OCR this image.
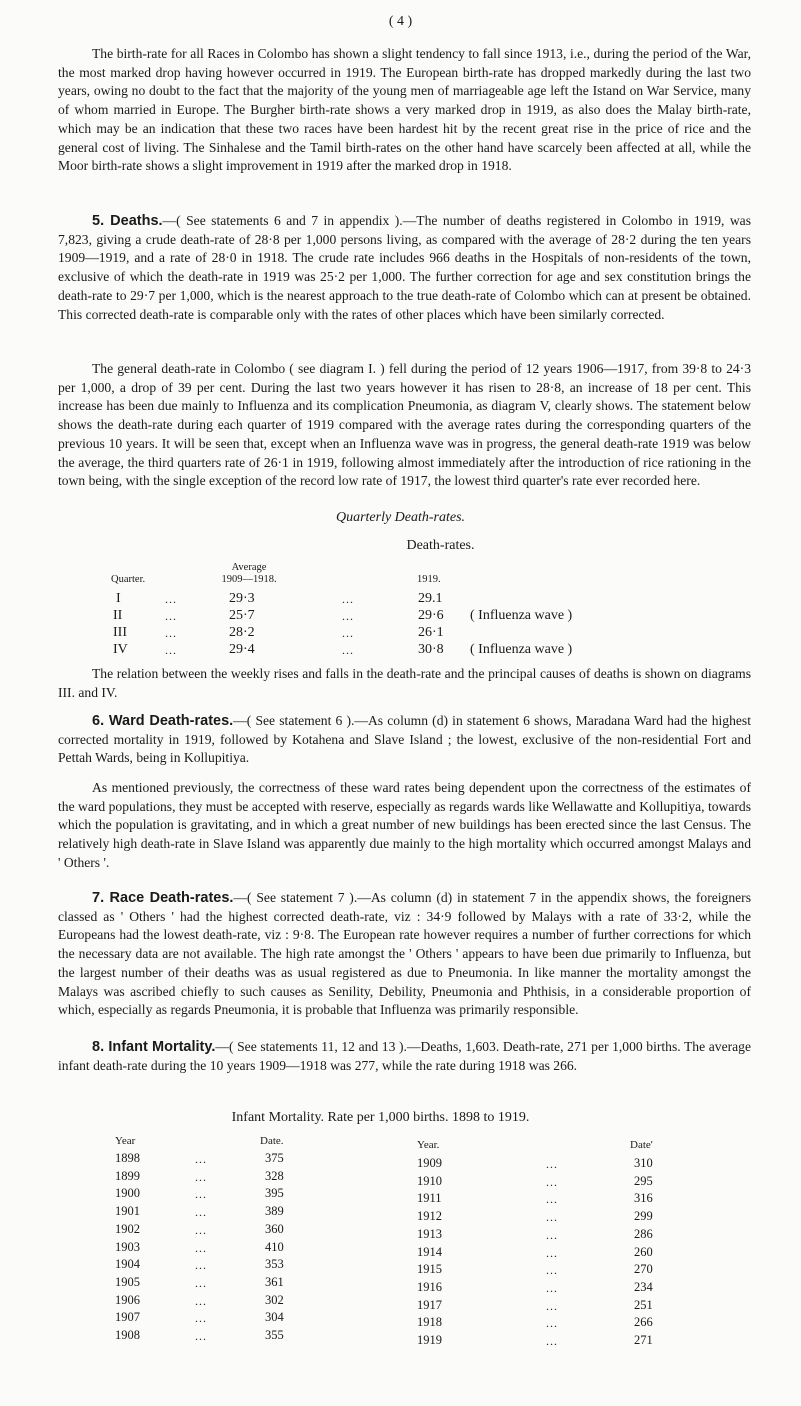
( 4 )

The birth-rate for all Races in Colombo has shown a slight tendency to fall since 1913, i.e., during the period of the War, the most marked drop having however occurred in 1919. The European birth-rate has dropped markedly during the last two years, owing no doubt to the fact that the majority of the young men of marriageable age left the Istand on War Service, many of whom married in Europe. The Burgher birth-rate shows a very marked drop in 1919, as also does the Malay birth-rate, which may be an indication that these two races have been hardest hit by the recent great rise in the price of rice and the general cost of living. The Sinhalese and the Tamil birth-rates on the other hand have scarcely been affected at all, while the Moor birth-rate shows a slight improvement in 1919 after the marked drop in 1918.

5. Deaths.—( See statements 6 and 7 in appendix ).—The number of deaths registered in Colombo in 1919, was 7,823, giving a crude death-rate of 28·8 per 1,000 persons living, as compared with the average of 28·2 during the ten years 1909—1919, and a rate of 28·0 in 1918. The crude rate includes 966 deaths in the Hospitals of non-residents of the town, exclusive of which the death-rate in 1919 was 25·2 per 1,000. The further correction for age and sex constitution brings the death-rate to 29·7 per 1,000, which is the nearest approach to the true death-rate of Colombo which can at present be obtained. This corrected death-rate is comparable only with the rates of other places which have been similarly corrected.

The general death-rate in Colombo ( see diagram I. ) fell during the period of 12 years 1906—1917, from 39·8 to 24·3 per 1,000, a drop of 39 per cent. During the last two years however it has risen to 28·8, an increase of 18 per cent. This increase has been due mainly to Influenza and its complication Pneumonia, as diagram V, clearly shows. The statement below shows the death-rate during each quarter of 1919 compared with the average rates during the corresponding quarters of the previous 10 years. It will be seen that, except when an Influenza wave was in progress, the general death-rate 1919 was below the average, the third quarters rate of 26·1 in 1919, following almost immediately after the introduction of rice rationing in the town being, with the single exception of the record low rate of 1917, the lowest third quarter's rate ever recorded here.

Quarterly Death-rates.
Death-rates.
Average
1909—1918.
Quarter.	1919.
I	...	29·3	...	29.1
II	...	25·7	...	29·6 ( Influenza wave )
III	...	28·2	...	26·1
IV	...	29·4	...	30·8 ( Influenza wave )

The relation between the weekly rises and falls in the death-rate and the principal causes of deaths is shown on diagrams III. and IV.

6. Ward Death-rates.—( See statement 6 ).—As column (d) in statement 6 shows, Maradana Ward had the highest corrected mortality in 1919, followed by Kotahena and Slave Island ; the lowest, exclusive of the non-residential Fort and Pettah Wards, being in Kollupitiya.

As mentioned previously, the correctness of these ward rates being dependent upon the correctness of the estimates of the ward populations, they must be accepted with reserve, especially as regards wards like Wellawatte and Kollupitiya, towards which the population is gravitating, and in which a great number of new buildings has been erected since the last Census. The relatively high death-rate in Slave Island was apparently due mainly to the high mortality which occurred amongst Malays and ' Others '.

7. Race Death-rates.—( See statement 7 ).—As column (d) in statement 7 in the appendix shows, the foreigners classed as ' Others ' had the highest corrected death-rate, viz : 34·9 followed by Malays with a rate of 33·2, while the Europeans had the lowest death-rate, viz : 9·8. The European rate however requires a number of further corrections for which the necessary data are not available. The high rate amongst the ' Others ' appears to have been due primarily to Influenza, but the largest number of their deaths was as usual registered as due to Pneumonia. In like manner the mortality amongst the Malays was ascribed chiefly to such causes as Senility, Debility, Pneumonia and Phthisis, in a considerable proportion of which, especially as regards Pneumonia, it is probable that Influenza was primarily responsible.

8. Infant Mortality.—( See statements 11, 12 and 13 ).—Deaths, 1,603. Death-rate, 271 per 1,000 births. The average infant death-rate during the 10 years 1909—1918 was 277, while the rate during 1918 was 266.

Infant Mortality. Rate per 1,000 births. 1898 to 1919.
Year	Date.	Year.	Date'
1898	...	375
1899	...	328
1900	...	395
1901	...	389
1902	...	360
1903	...	410
1904	...	353
1905	...	361
1906	...	302
1907	...	304
1908	...	355
1909	...	310
1910	...	295
1911	...	316
1912	...	299
1913	...	286
1914	...	260
1915	...	270
1916	...	234
1917	...	251
1918	...	266
1919	...	271
